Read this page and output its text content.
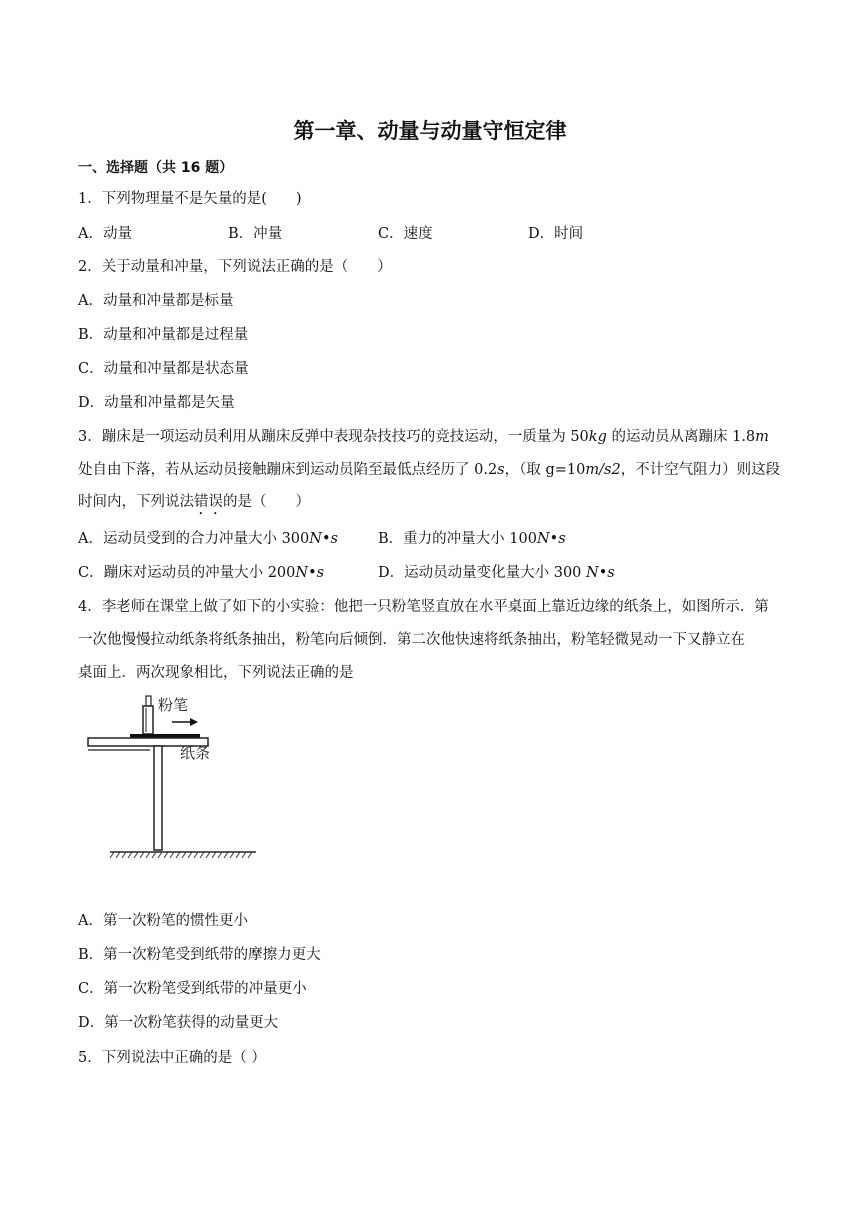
第一章、动量与动量守恒定律
一、选择题（共 16 题）
1．下列物理量不是矢量的是(　　)
A．动量	B．冲量	C．速度	D．时间
2．关于动量和冲量，下列说法正确的是（　　）
A．动量和冲量都是标量
B．动量和冲量都是过程量
C．动量和冲量都是状态量
D．动量和冲量都是矢量
3．蹦床是一项运动员利用从蹦床反弹中表现杂技技巧的竞技运动，一质量为 50kg 的运动员从离蹦床 1.8m
处自由下落，若从运动员接触蹦床到运动员陷至最低点经历了 0.2s，（取 g=10m/s2，不计空气阻力）则这段
时间内，下列说法错误的是（　　）
A．运动员受到的合力冲量大小 300N•s	B．重力的冲量大小 100N•s
C．蹦床对运动员的冲量大小 200N•s	D．运动员动量变化量大小 300 N•s
4．李老师在课堂上做了如下的小实验：他把一只粉笔竖直放在水平桌面上靠近边缘的纸条上，如图所示．第
一次他慢慢拉动纸条将纸条抽出，粉笔向后倾倒．第二次他快速将纸条抽出，粉笔轻微晃动一下又静立在
桌面上．两次现象相比，下列说法正确的是
粉笔
纸条
A．第一次粉笔的惯性更小
B．第一次粉笔受到纸带的摩擦力更大
C．第一次粉笔受到纸带的冲量更小
D．第一次粉笔获得的动量更大
5．下列说法中正确的是（ ）
